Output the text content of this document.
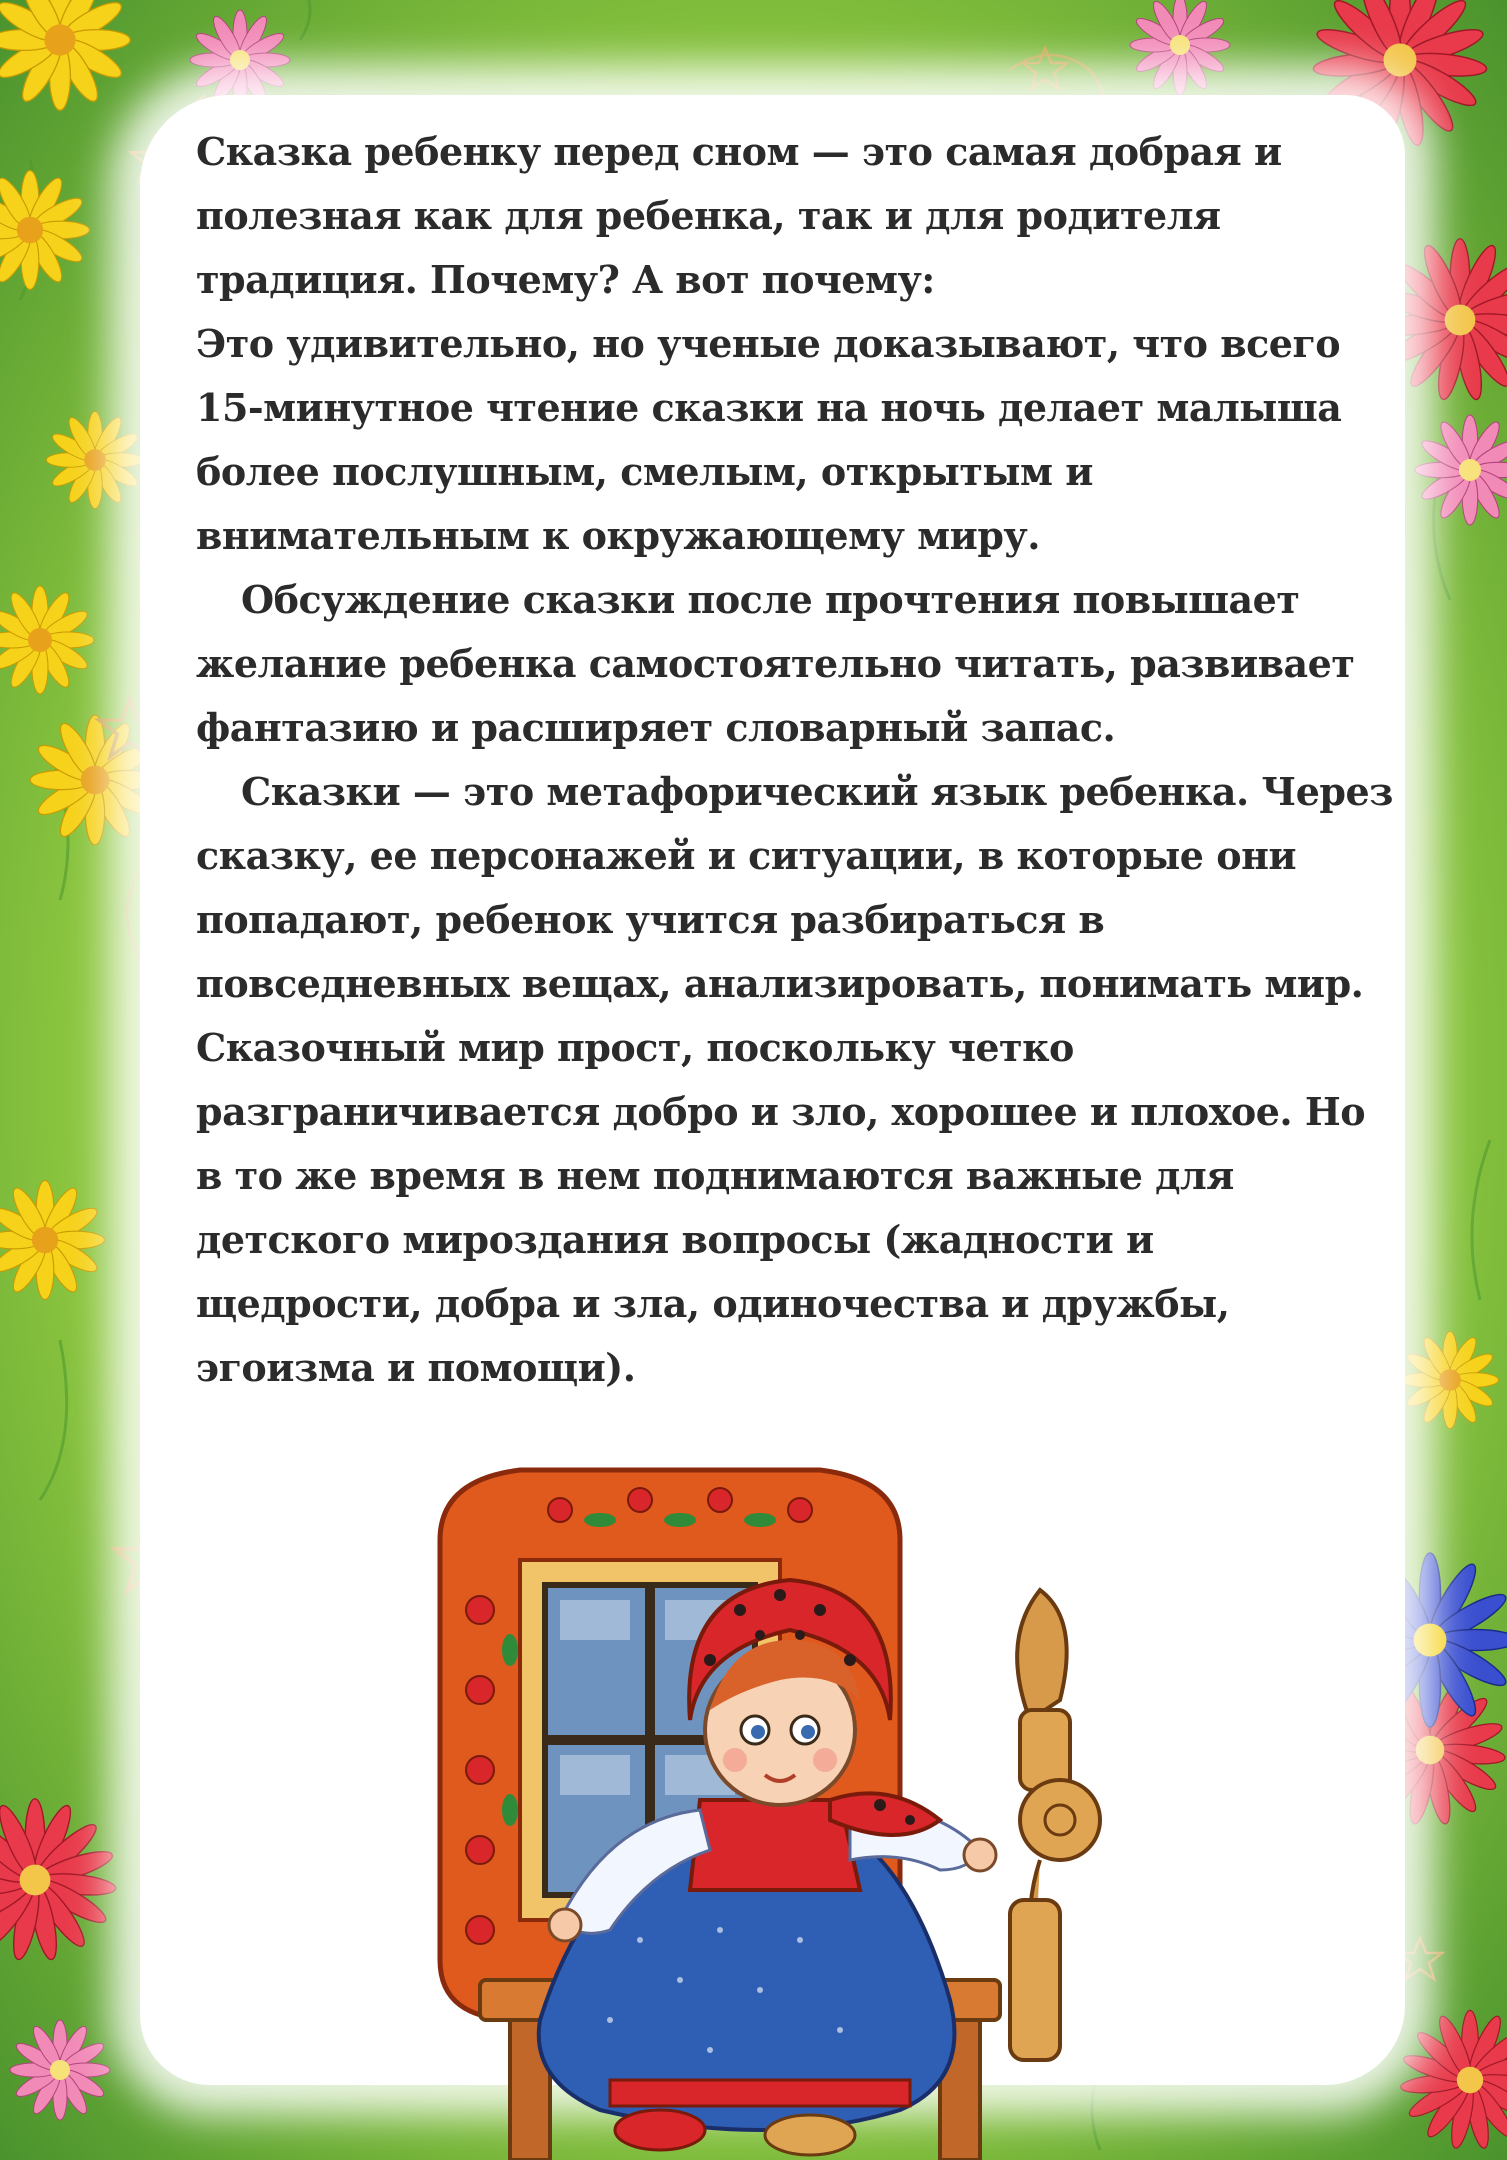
Сказка ребенку перед сном — это самая добрая и
полезная как для ребенка, так и для родителя
традиция. Почему? А вот почему:

Это удивительно, но ученые доказывают, что всего
15-минутное чтение сказки на ночь делает малыша
более послушным, смелым, открытым и
внимательным к окружающему миру.

Обсуждение сказки после прочтения повышает
желание ребенка самостоятельно читать, развивает
фантазию и расширяет словарный запас.

Сказки — это метафорический язык ребенка. Через
сказку, ее персонажей и ситуации, в которые они
попадают, ребенок учится разбираться в
повседневных вещах, анализировать, понимать мир.
Сказочный мир прост, поскольку четко
разграничивается добро и зло, хорошее и плохое. Но
в то же время в нем поднимаются важные для
детского мироздания вопросы (жадности и
щедрости, добра и зла, одиночества и дружбы,
эгоизма и помощи).
